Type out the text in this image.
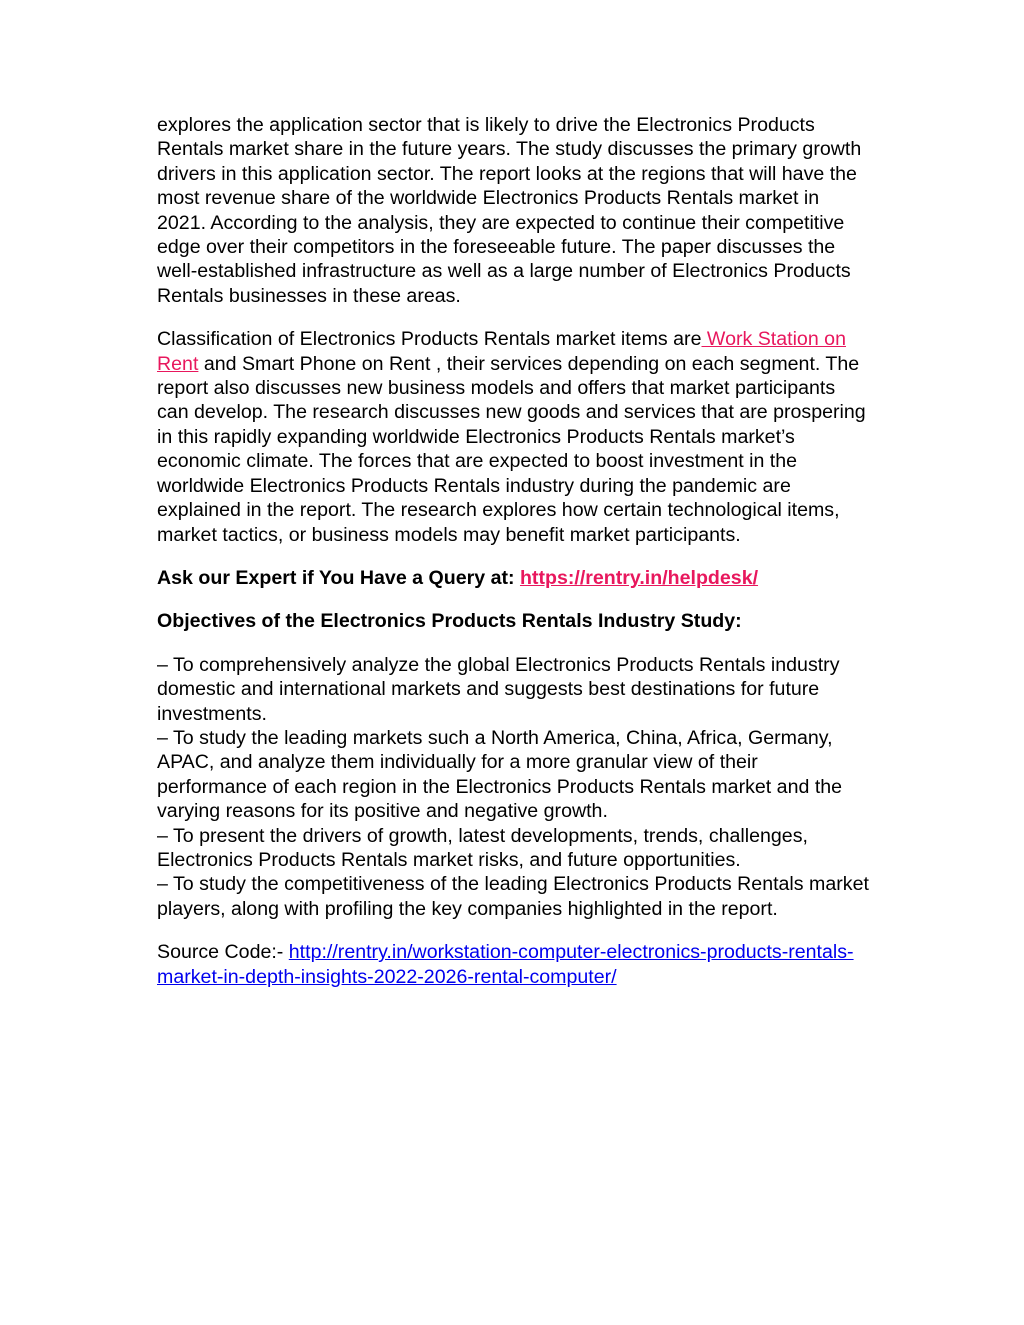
explores the application sector that is likely to drive the Electronics Products Rentals market share in the future years. The study discusses the primary growth drivers in this application sector. The report looks at the regions that will have the most revenue share of the worldwide Electronics Products Rentals market in 2021. According to the analysis, they are expected to continue their competitive edge over their competitors in the foreseeable future. The paper discusses the well-established infrastructure as well as a large number of Electronics Products Rentals businesses in these areas.

Classification of Electronics Products Rentals market items are Work Station on Rent and Smart Phone on Rent , their services depending on each segment. The report also discusses new business models and offers that market participants can develop. The research discusses new goods and services that are prospering in this rapidly expanding worldwide Electronics Products Rentals market’s economic climate. The forces that are expected to boost investment in the worldwide Electronics Products Rentals industry during the pandemic are explained in the report. The research explores how certain technological items, market tactics, or business models may benefit market participants.

Ask our Expert if You Have a Query at: https://rentry.in/helpdesk/

Objectives of the Electronics Products Rentals Industry Study:

– To comprehensively analyze the global Electronics Products Rentals industry domestic and international markets and suggests best destinations for future investments.
– To study the leading markets such a North America, China, Africa, Germany, APAC, and analyze them individually for a more granular view of their performance of each region in the Electronics Products Rentals market and the varying reasons for its positive and negative growth.
– To present the drivers of growth, latest developments, trends, challenges, Electronics Products Rentals market risks, and future opportunities.
– To study the competitiveness of the leading Electronics Products Rentals market players, along with profiling the key companies highlighted in the report.

Source Code:- http://rentry.in/workstation-computer-electronics-products-rentals-market-in-depth-insights-2022-2026-rental-computer/
